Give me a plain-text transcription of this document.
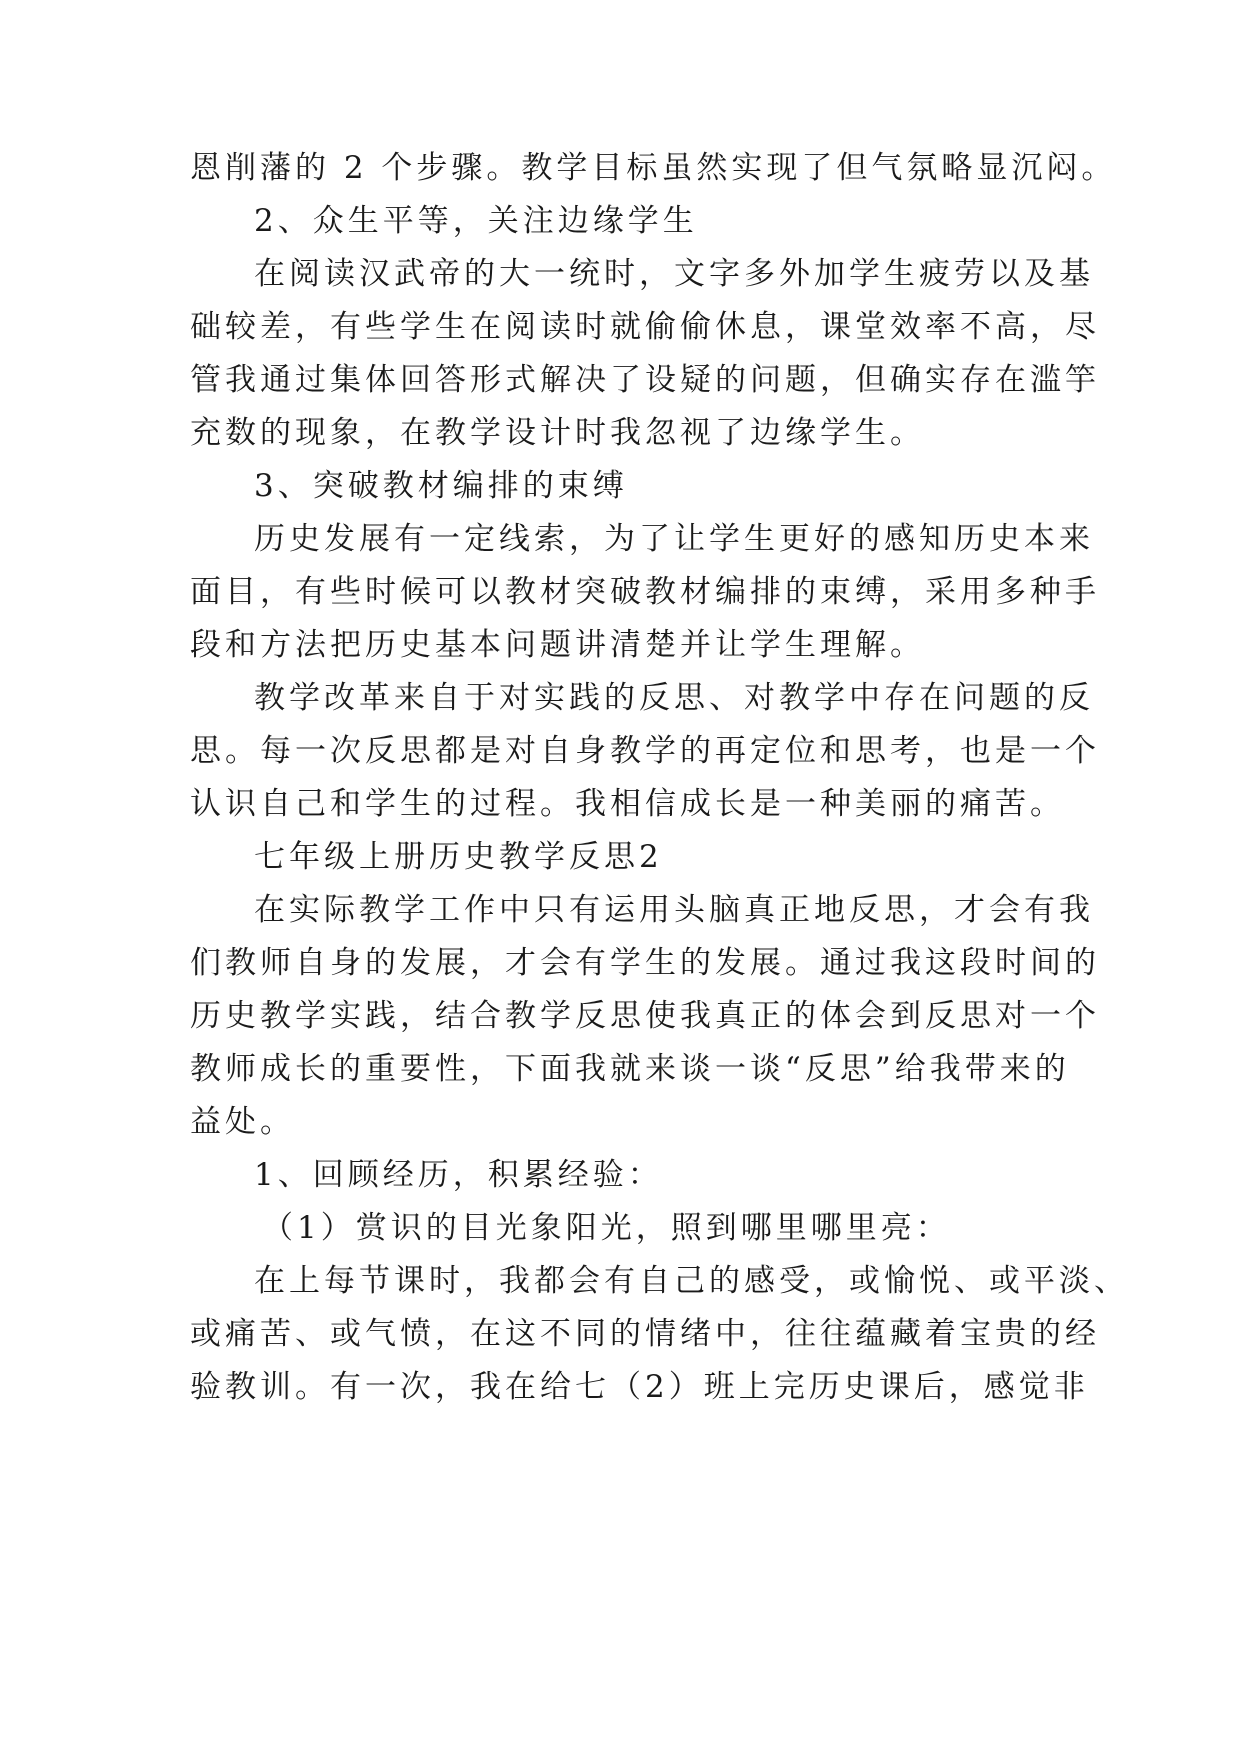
恩削藩的 2 个步骤。教学目标虽然实现了但气氛略显沉闷。
2、众生平等，关注边缘学生
在阅读汉武帝的大一统时，文字多外加学生疲劳以及基
础较差，有些学生在阅读时就偷偷休息，课堂效率不高，尽
管我通过集体回答形式解决了设疑的问题，但确实存在滥竽
充数的现象，在教学设计时我忽视了边缘学生。
3、突破教材编排的束缚
历史发展有一定线索，为了让学生更好的感知历史本来
面目，有些时候可以教材突破教材编排的束缚，采用多种手
段和方法把历史基本问题讲清楚并让学生理解。
教学改革来自于对实践的反思、对教学中存在问题的反
思。每一次反思都是对自身教学的再定位和思考，也是一个
认识自己和学生的过程。我相信成长是一种美丽的痛苦。
七年级上册历史教学反思2
在实际教学工作中只有运用头脑真正地反思，才会有我
们教师自身的发展，才会有学生的发展。通过我这段时间的
历史教学实践，结合教学反思使我真正的体会到反思对一个
教师成长的重要性，下面我就来谈一谈“反思”给我带来的
益处。
1、回顾经历，积累经验：
（1）赏识的目光象阳光，照到哪里哪里亮：
在上每节课时，我都会有自己的感受，或愉悦、或平淡、
或痛苦、或气愤，在这不同的情绪中，往往蕴藏着宝贵的经
验教训。有一次，我在给七（2）班上完历史课后，感觉非
